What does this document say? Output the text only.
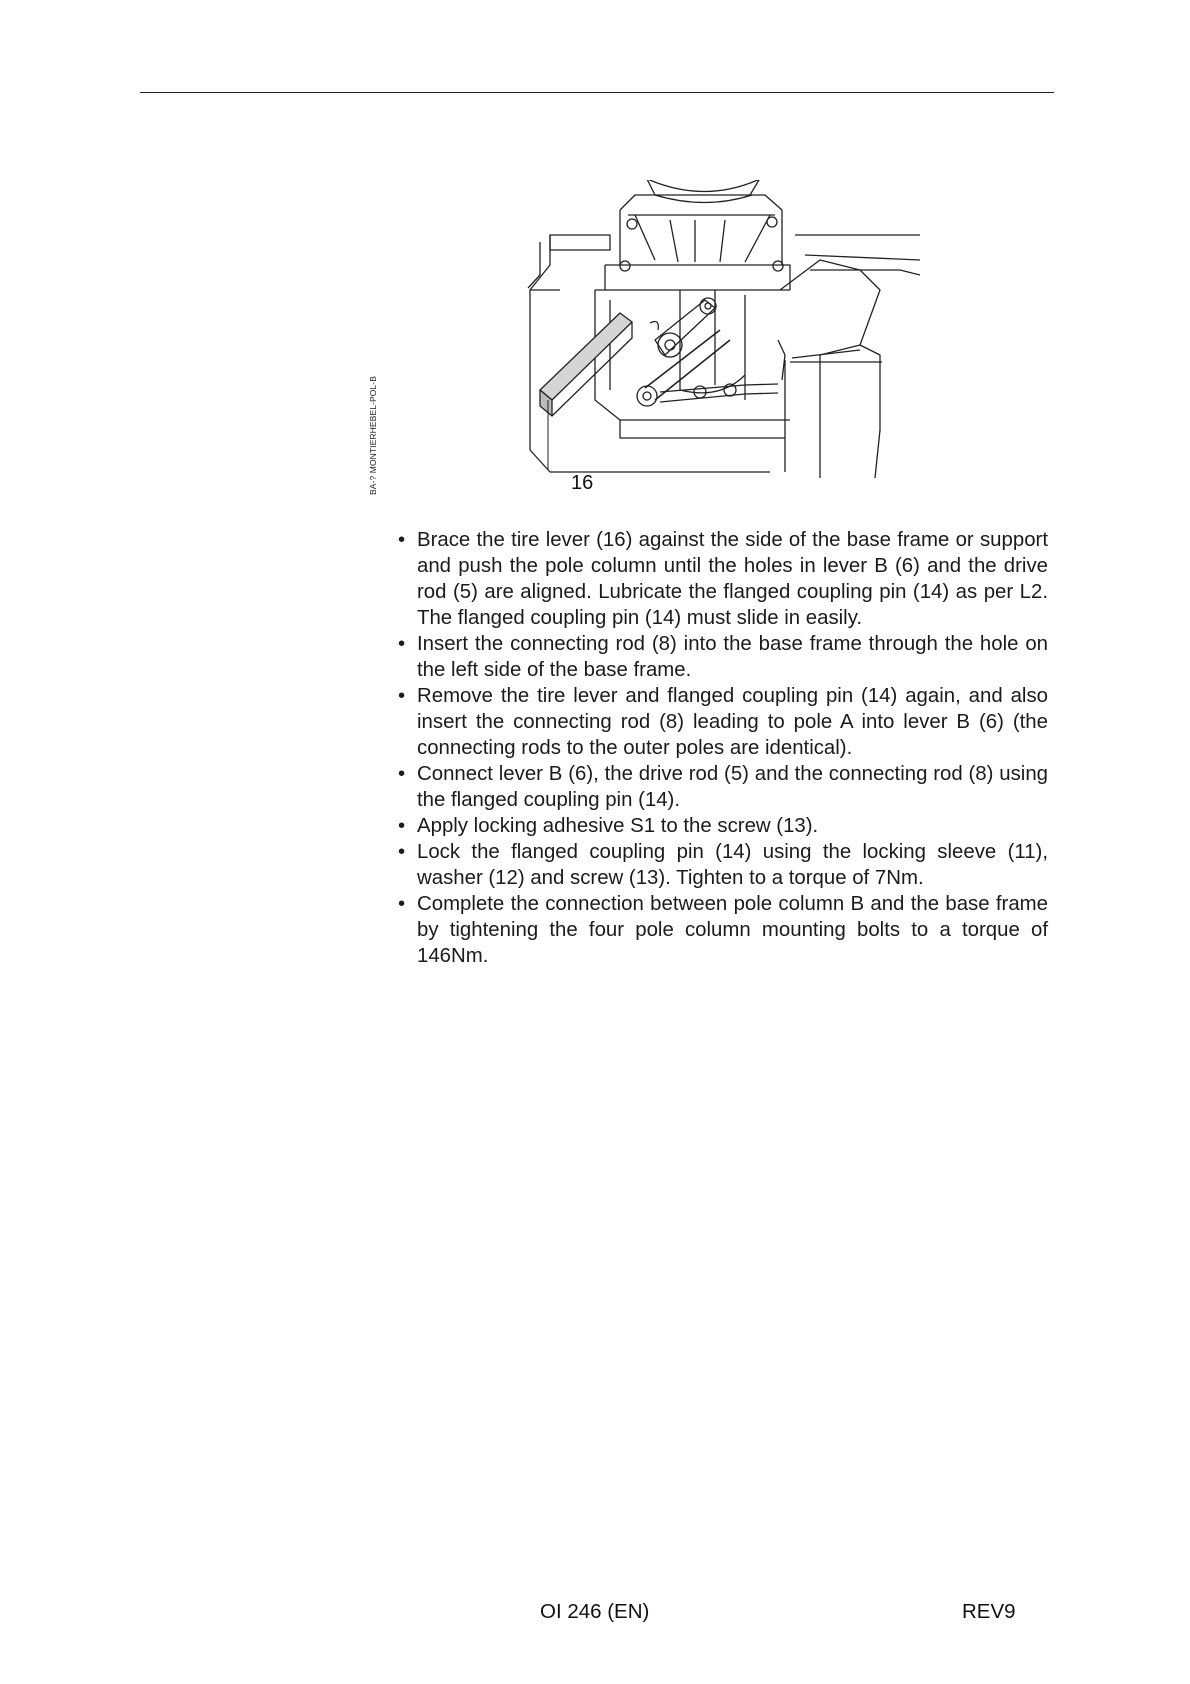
BA-? MONTIERHEBEL-POL-B	16
• Brace the tire lever (16) against the side of the base frame or support and push the pole column until the holes in lever B (6) and the drive rod (5) are aligned. Lubricate the flanged coupling pin (14) as per L2. The flanged coupling pin (14) must slide in easily.
• Insert the connecting rod (8) into the base frame through the hole on the left side of the base frame.
• Remove the tire lever and flanged coupling pin (14) again, and also insert the connecting rod (8) leading to pole A into lever B (6) (the connecting rods to the outer poles are identical).
• Connect lever B (6), the drive rod (5) and the connecting rod (8) using the flanged coupling pin (14).
• Apply locking adhesive S1 to the screw (13).
• Lock the flanged coupling pin (14) using the locking sleeve (11), washer (12) and screw (13). Tighten to a torque of 7Nm.
• Complete the connection between pole column B and the base frame by tightening the four pole column mounting bolts to a torque of 146Nm.
OI 246 (EN)	REV9
